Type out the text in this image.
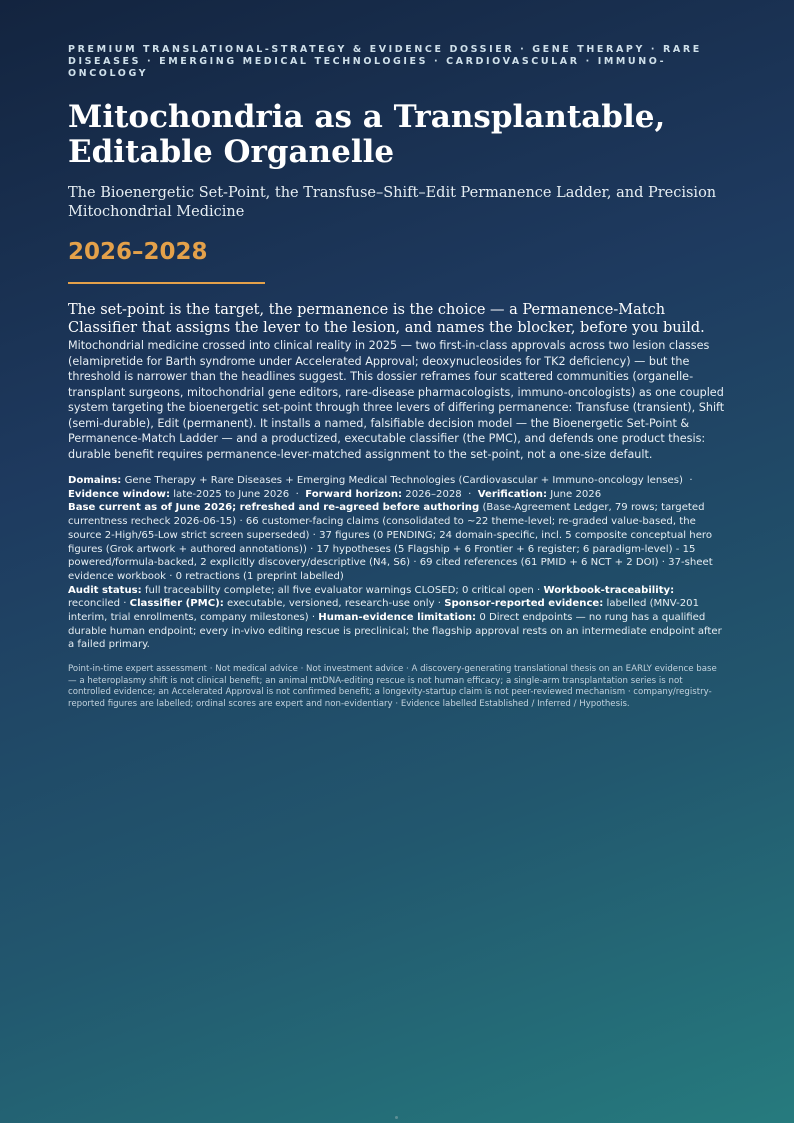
PREMIUM TRANSLATIONAL-STRATEGY & EVIDENCE DOSSIER · GENE THERAPY · RARE DISEASES · EMERGING MEDICAL TECHNOLOGIES · CARDIOVASCULAR · IMMUNO-ONCOLOGY
Mitochondria as a Transplantable, Editable Organelle
The Bioenergetic Set-Point, the Transfuse–Shift–Edit Permanence Ladder, and Precision Mitochondrial Medicine
2026–2028
The set-point is the target, the permanence is the choice — a Permanence-Match Classifier that assigns the lever to the lesion, and names the blocker, before you build.
Mitochondrial medicine crossed into clinical reality in 2025 — two first-in-class approvals across two lesion classes (elamipretide for Barth syndrome under Accelerated Approval; deoxynucleosides for TK2 deficiency) — but the threshold is narrower than the headlines suggest. This dossier reframes four scattered communities (organelle-transplant surgeons, mitochondrial gene editors, rare-disease pharmacologists, immuno-oncologists) as one coupled system targeting the bioenergetic set-point through three levers of differing permanence: Transfuse (transient), Shift (semi-durable), Edit (permanent). It installs a named, falsifiable decision model — the Bioenergetic Set-Point & Permanence-Match Ladder — and a productized, executable classifier (the PMC), and defends one product thesis: durable benefit requires permanence-lever-matched assignment to the set-point, not a one-size default.
Domains: Gene Therapy + Rare Diseases + Emerging Medical Technologies (Cardiovascular + Immuno-oncology lenses)  · Evidence window: late-2025 to June 2026  ·  Forward horizon: 2026–2028  ·  Verification: June 2026
Base current as of June 2026; refreshed and re-agreed before authoring (Base-Agreement Ledger, 79 rows; targeted currentness recheck 2026-06-15) · 66 customer-facing claims (consolidated to ~22 theme-level; re-graded value-based, the source 2-High/65-Low strict screen superseded) · 37 figures (0 PENDING; 24 domain-specific, incl. 5 composite conceptual hero figures (Grok artwork + authored annotations)) · 17 hypotheses (5 Flagship + 6 Frontier + 6 register; 6 paradigm-level) - 15 powered/formula-backed, 2 explicitly discovery/descriptive (N4, S6) · 69 cited references (61 PMID + 6 NCT + 2 DOI) · 37-sheet evidence workbook · 0 retractions (1 preprint labelled)
Audit status: full traceability complete; all five evaluator warnings CLOSED; 0 critical open · Workbook-traceability: reconciled · Classifier (PMC): executable, versioned, research-use only · Sponsor-reported evidence: labelled (MNV-201 interim, trial enrollments, company milestones) · Human-evidence limitation: 0 Direct endpoints — no rung has a qualified durable human endpoint; every in-vivo editing rescue is preclinical; the flagship approval rests on an intermediate endpoint after a failed primary.
Point-in-time expert assessment · Not medical advice · Not investment advice · A discovery-generating translational thesis on an EARLY evidence base — a heteroplasmy shift is not clinical benefit; an animal mtDNA-editing rescue is not human efficacy; a single-arm transplantation series is not controlled evidence; an Accelerated Approval is not confirmed benefit; a longevity-startup claim is not peer-reviewed mechanism · company/registry-reported figures are labelled; ordinal scores are expert and non-evidentiary · Evidence labelled Established / Inferred / Hypothesis.
